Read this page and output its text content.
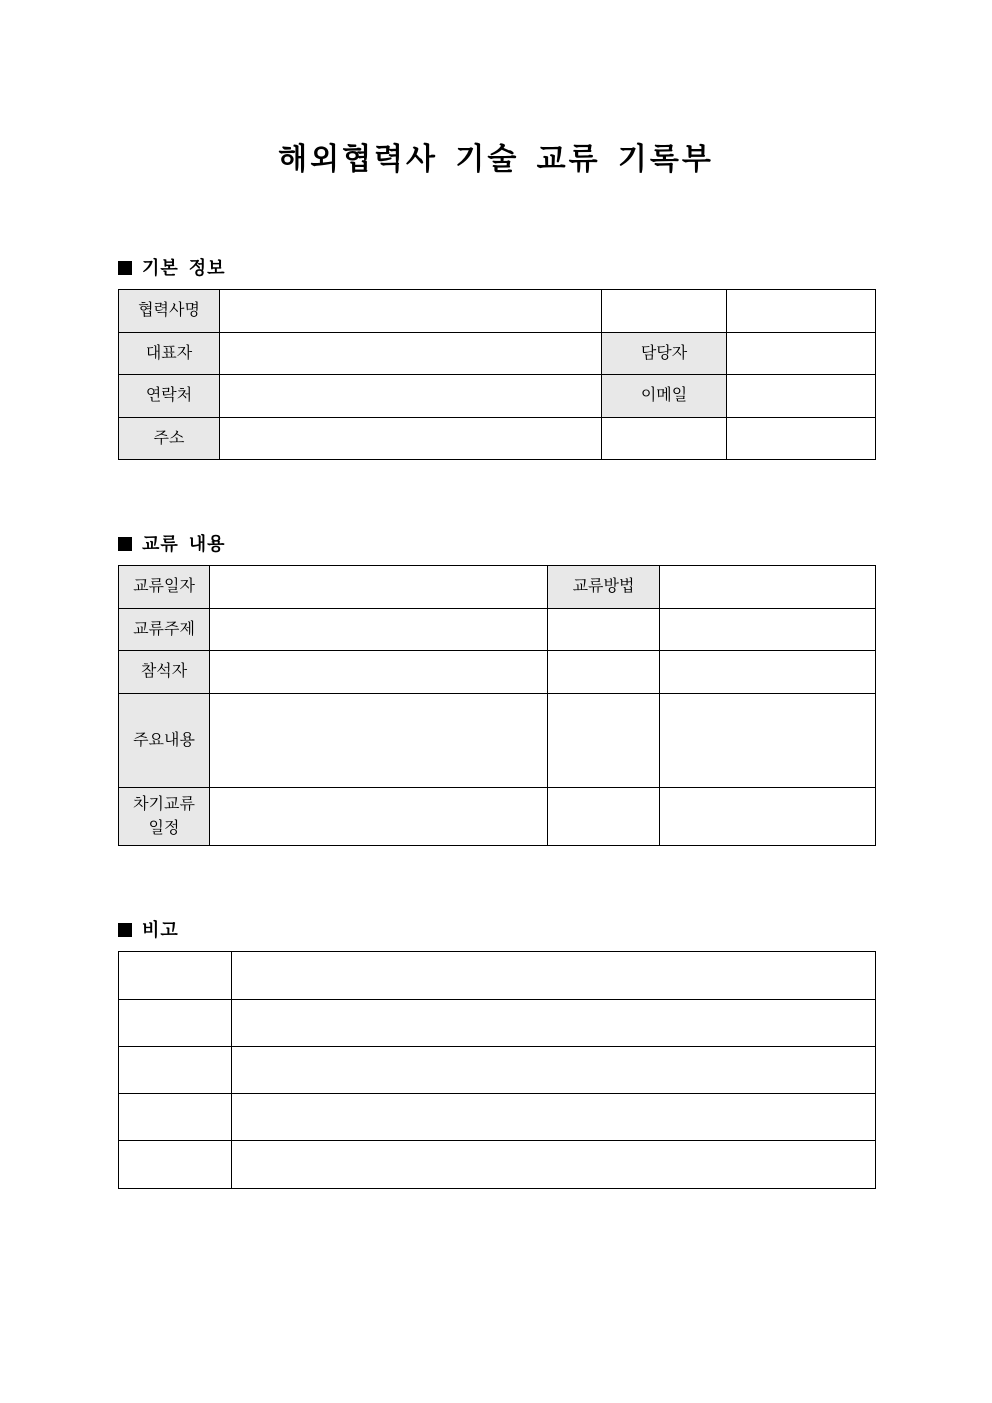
해외협력사 기술 교류 기록부
기본 정보
협력사명			
대표자		담당자	
연락처		이메일	
주소			
교류 내용
교류일자		교류방법	
교류주제			
참석자			
주요내용			
차기교류 일정			
비고
